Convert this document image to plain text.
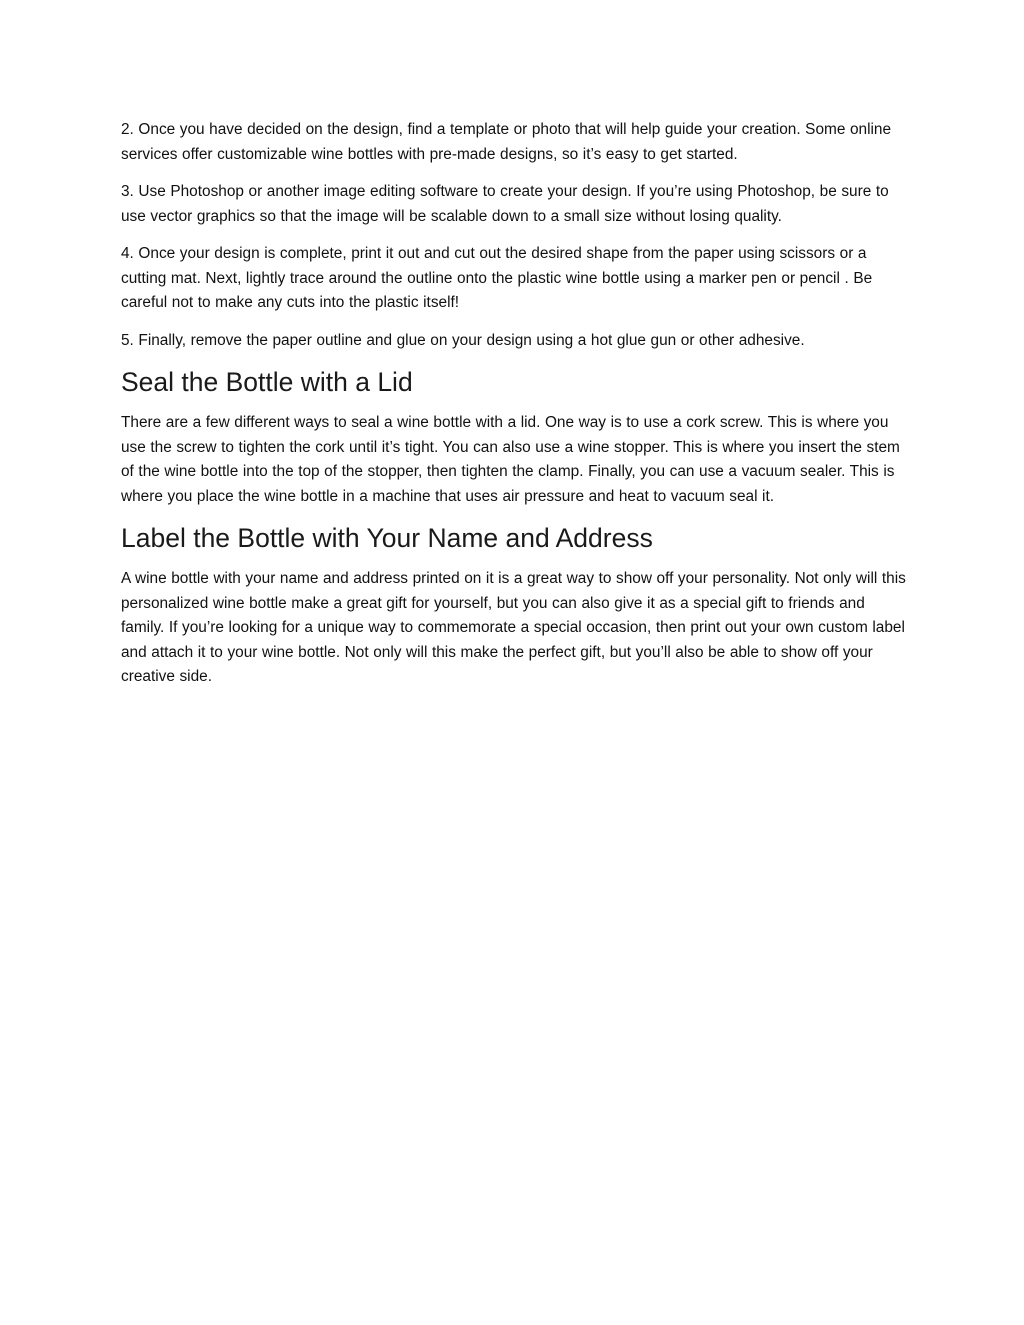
2. Once you have decided on the design, find a template or photo that will help guide your creation. Some online services offer customizable wine bottles with pre-made designs, so it’s easy to get started.

3. Use Photoshop or another image editing software to create your design. If you’re using Photoshop, be sure to use vector graphics so that the image will be scalable down to a small size without losing quality.

4. Once your design is complete, print it out and cut out the desired shape from the paper using scissors or a cutting mat. Next, lightly trace around the outline onto the plastic wine bottle using a marker pen or pencil . Be careful not to make any cuts into the plastic itself!

5. Finally, remove the paper outline and glue on your design using a hot glue gun or other adhesive.

Seal the Bottle with a Lid

There are a few different ways to seal a wine bottle with a lid. One way is to use a cork screw. This is where you use the screw to tighten the cork until it’s tight. You can also use a wine stopper. This is where you insert the stem of the wine bottle into the top of the stopper, then tighten the clamp. Finally, you can use a vacuum sealer. This is where you place the wine bottle in a machine that uses air pressure and heat to vacuum seal it.

Label the Bottle with Your Name and Address

A wine bottle with your name and address printed on it is a great way to show off your personality. Not only will this personalized wine bottle make a great gift for yourself, but you can also give it as a special gift to friends and family. If you’re looking for a unique way to commemorate a special occasion, then print out your own custom label and attach it to your wine bottle. Not only will this make the perfect gift, but you’ll also be able to show off your creative side.
